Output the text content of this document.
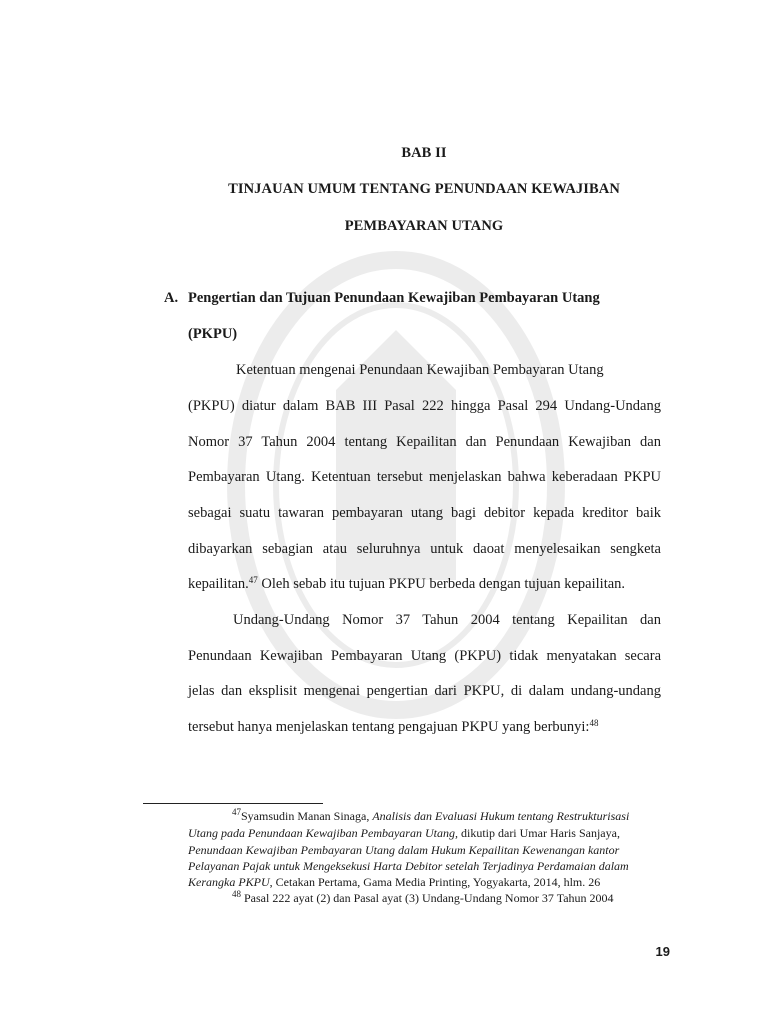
BAB II
TINJAUAN UMUM TENTANG PENUNDAAN KEWAJIBAN
PEMBAYARAN UTANG
A. Pengertian dan Tujuan Penundaan Kewajiban Pembayaran Utang
(PKPU)
Ketentuan mengenai Penundaan Kewajiban Pembayaran Utang
(PKPU) diatur dalam BAB III Pasal 222 hingga Pasal 294 Undang-Undang
Nomor 37 Tahun 2004 tentang Kepailitan dan Penundaan Kewajiban dan
Pembayaran Utang. Ketentuan tersebut menjelaskan bahwa keberadaan PKPU
sebagai suatu tawaran pembayaran utang bagi debitor kepada kreditor baik
dibayarkan sebagian atau seluruhnya untuk daoat menyelesaikan sengketa
kepailitan.$^{47}$ Oleh sebab itu tujuan PKPU berbeda dengan tujuan kepailitan.
Undang-Undang Nomor 37 Tahun 2004 tentang Kepailitan dan
Penundaan Kewajiban Pembayaran Utang (PKPU) tidak menyatakan secara
jelas dan eksplisit mengenai pengertian dari PKPU, di dalam undang-undang
tersebut hanya menjelaskan tentang pengajuan PKPU yang berbunyi:$^{48}$
$^{47}$Syamsudin Manan Sinaga, Analisis dan Evaluasi Hukum tentang Restrukturisasi
Utang pada Penundaan Kewajiban Pembayaran Utang, dikutip dari Umar Haris Sanjaya,
Penundaan Kewajiban Pembayaran Utang dalam Hukum Kepailitan Kewenangan kantor
Pelayanan Pajak untuk Mengeksekusi Harta Debitor setelah Terjadinya Perdamaian dalam
Kerangka PKPU, Cetakan Pertama, Gama Media Printing, Yogyakarta, 2014, hlm. 26
$^{48}$ Pasal 222 ayat (2) dan Pasal ayat (3) Undang-Undang Nomor 37 Tahun 2004
19
